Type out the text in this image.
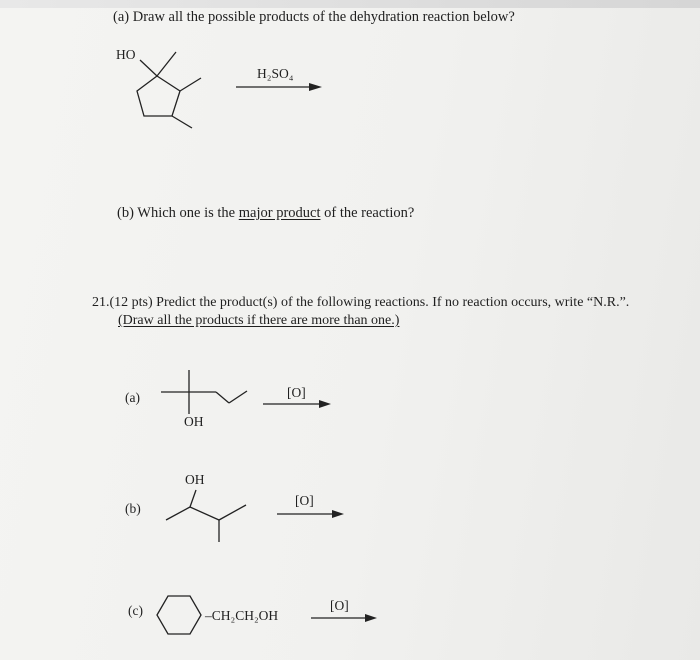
(a) Draw all the possible products of the dehydration reaction below?
HO
H₂SO₄
(b) Which one is the major product of the reaction?
21.(12 pts) Predict the product(s) of the following reactions. If no reaction occurs, write “N.R.”.
(Draw all the products if there are more than one.)
(a)
OH
[O]
OH
(b)
[O]
(c)	–CH₂CH₂OH
[O]
